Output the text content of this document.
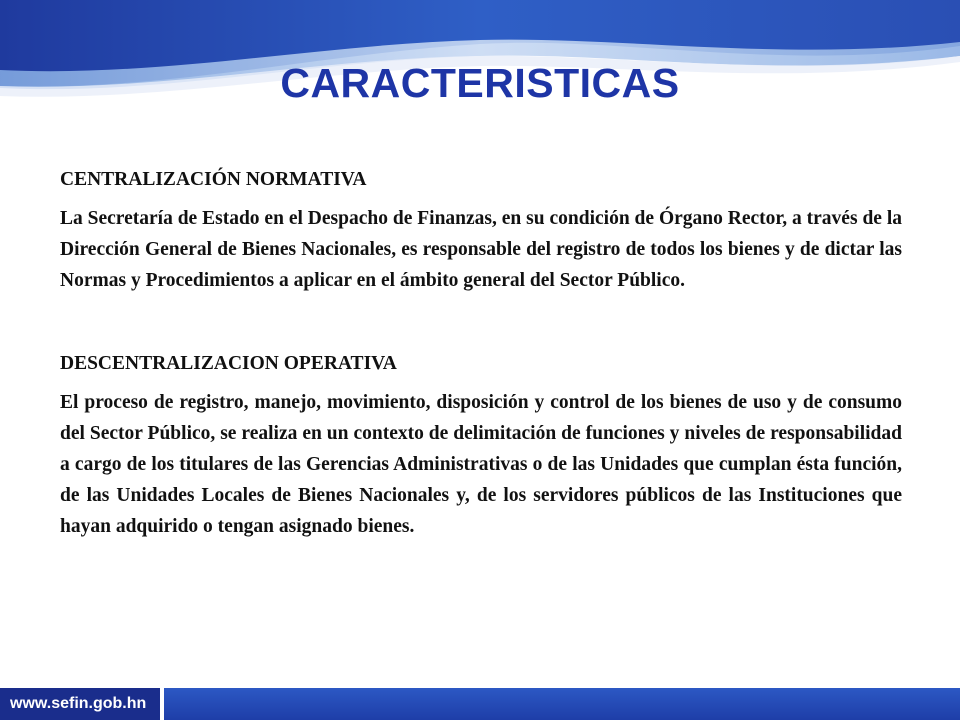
CARACTERISTICAS

CENTRALIZACIÓN NORMATIVA

La Secretaría de Estado en el Despacho de Finanzas, en su condición de Órgano Rector, a través de la Dirección General de Bienes Nacionales, es responsable del registro de todos los bienes y de dictar las Normas y Procedimientos a aplicar en el ámbito general del Sector Público.

DESCENTRALIZACION OPERATIVA

El proceso de registro, manejo, movimiento, disposición y control de los bienes de uso y de consumo del Sector Público, se realiza en un contexto de delimitación de funciones y niveles de responsabilidad a cargo de los titulares de las Gerencias Administrativas o de las Unidades que cumplan ésta función, de las Unidades Locales de Bienes Nacionales y, de los servidores públicos de las Instituciones que hayan adquirido o tengan asignado bienes.

www.sefin.gob.hn
